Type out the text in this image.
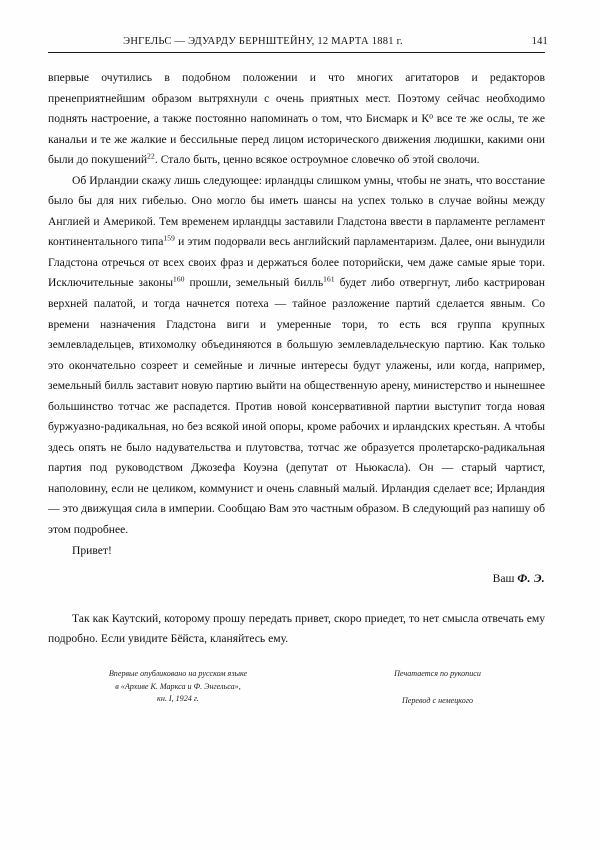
ЭНГЕЛЬС — ЭДУАРДУ БЕРНШТЕЙНУ, 12 МАРТА 1881 г.	141

впервые очутились в подобном положении и что многих агитаторов и редакторов пренеприятнейшим образом вытряхнули с очень приятных мест. Поэтому сейчас необходимо поднять настроение, а также постоянно напоминать о том, что Бисмарк и $К^о$ все те же ослы, те же канальи и те же жалкие и бессильные перед лицом исторического движения людишки, какими они были до покушений$^{22}$. Стало быть, ценно всякое остроумное словечко об этой сволочи.

Об Ирландии скажу лишь следующее: ирландцы слишком умны, чтобы не знать, что восстание было бы для них гибелью. Оно могло бы иметь шансы на успех только в случае войны между Англией и Америкой. Тем временем ирландцы заставили Гладстона ввести в парламенте регламент континентального типа$^{159}$ и этим подорвали весь английский парламентаризм. Далее, они вынудили Гладстона отречься от всех своих фраз и держаться более поторийски, чем даже самые ярые тори. Исключительные законы$^{160}$ прошли, земельный билль$^{161}$ будет либо отвергнут, либо кастрирован верхней палатой, и тогда начнется потеха — тайное разложение партий сделается явным. Со времени назначения Гладстона виги и умеренные тори, то есть вся группа крупных землевладельцев, втихомолку объединяются в большую землевладельческую партию. Как только это окончательно созреет и семейные и личные интересы будут улажены, или когда, например, земельный билль заставит новую партию выйти на общественную арену, министерство и нынешнее большинство тотчас же распадется. Против новой консервативной партии выступит тогда новая буржуазно-радикальная, но без всякой иной опоры, кроме рабочих и ирландских крестьян. А чтобы здесь опять не было надувательства и плутовства, тотчас же образуется пролетарско-радикальная партия под руководством Джозефа Коуэна (депутат от Ньюкасла). Он — старый чартист, наполовину, если не целиком, коммунист и очень славный малый. Ирландия сделает все; Ирландия — это движущая сила в империи. Сообщаю Вам это частным образом. В следующий раз напишу об этом подробнее.

Привет!

Ваш Ф. Э.

Так как Каутский, которому прошу передать привет, скоро приедет, то нет смысла отвечать ему подробно. Если увидите Бёйста, кланяйтесь ему.

Впервые опубликовано на русском языке
в «Архиве К. Маркса и Ф. Энгельса»,
кн. I, 1924 г.
Печатается по рукописи
Перевод с немецкого
